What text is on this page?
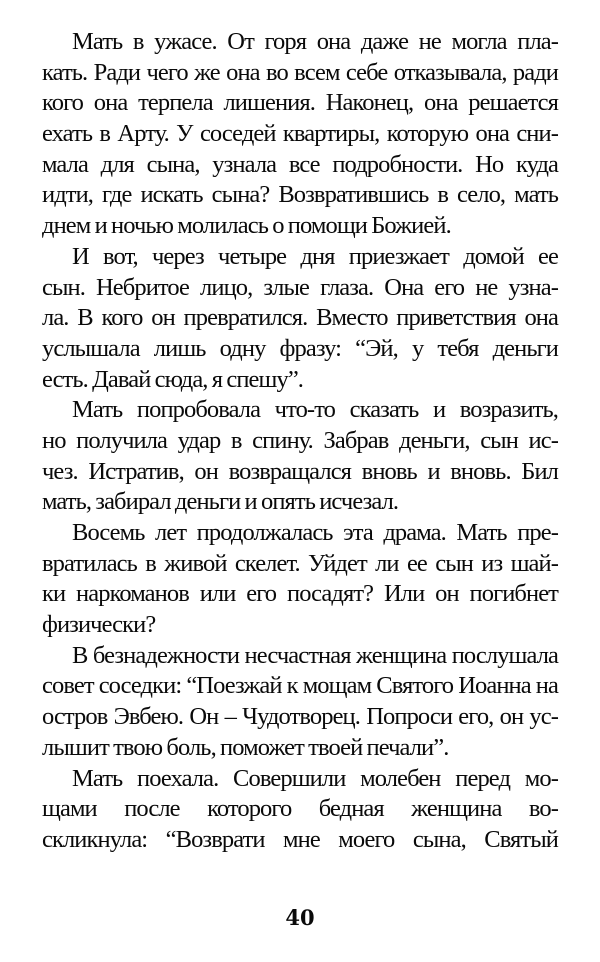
Мать в ужасе. От горя она даже не могла пла-
кать. Ради чего же она во всем себе отказывала, ради
кого она терпела лишения. Наконец, она решается
ехать в Арту. У соседей квартиры, которую она сни-
мала для сына, узнала все подробности. Но куда
идти, где искать сына? Возвратившись в село, мать
днем и ночью молилась о помощи Божией.
И вот, через четыре дня приезжает домой ее
сын. Небритое лицо, злые глаза. Она его не узна-
ла. В кого он превратился. Вместо приветствия она
услышала лишь одну фразу: “Эй, у тебя деньги
есть. Давай сюда, я спешу”.
Мать попробовала что-то сказать и возразить,
но получила удар в спину. Забрав деньги, сын ис-
чез. Истратив, он возвращался вновь и вновь. Бил
мать, забирал деньги и опять исчезал.
Восемь лет продолжалась эта драма. Мать пре-
вратилась в живой скелет. Уйдет ли ее сын из шай-
ки наркоманов или его посадят? Или он погибнет
физически?
В безнадежности несчастная женщина послушала
совет соседки: “Поезжай к мощам Святого Иоанна на
остров Эвбею. Он – Чудотворец. Попроси его, он ус-
лышит твою боль, поможет твоей печали”.
Мать поехала. Совершили молебен перед мо-
щами после которого бедная женщина во-
скликнула: “Возврати мне моего сына, Святый
40
